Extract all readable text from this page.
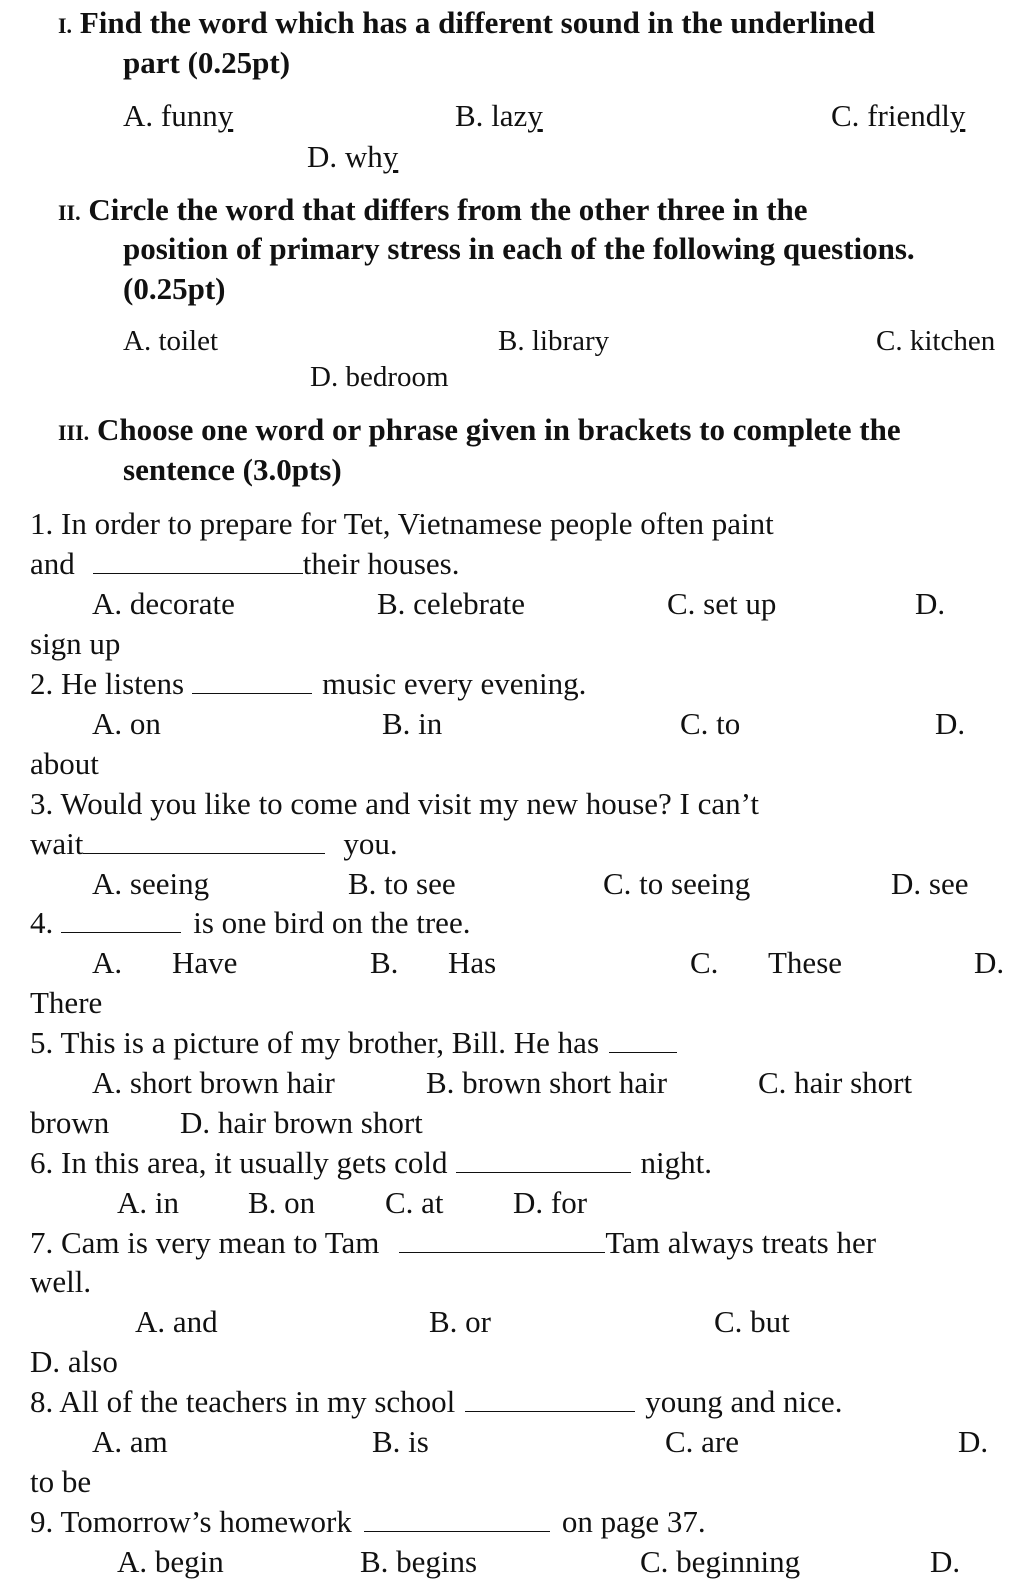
I. Find the word which has a different sound in the underlined
part (0.25pt)
A. funny	B. lazy	C. friendly
D. why
II. Circle the word that differs from the other three in the
position of primary stress in each of the following questions.
(0.25pt)
A. toilet	B. library	C. kitchen
D. bedroom
III. Choose one word or phrase given in brackets to complete the
sentence (3.0pts)
1. In order to prepare for Tet, Vietnamese people often paint
and	their houses.
A. decorate	B. celebrate	C. set up	D.
sign up
2. He listens	music every evening.
A. on	B. in	C. to	D.
about
3. Would you like to come and visit my new house? I can’t
wait	you.
A. seeing	B. to see	C. to seeing	D. see
4.	is one bird on the tree.
A. Have	B. Has	C. These	D.
There
5. This is a picture of my brother, Bill. He has
A. short brown hair	B. brown short hair	C. hair short
brown D. hair brown short
6. In this area, it usually gets cold	night.
A. in B. on C. at D. for
7. Cam is very mean to Tam	Tam always treats her
well.
A. and	B. or	C. but
D. also
8. All of the teachers in my school	young and nice.
A. am	B. is	C. are	D.
to be
9. Tomorrow’s homework	on page 37.
A. begin	B. begins	C. beginning	D.
